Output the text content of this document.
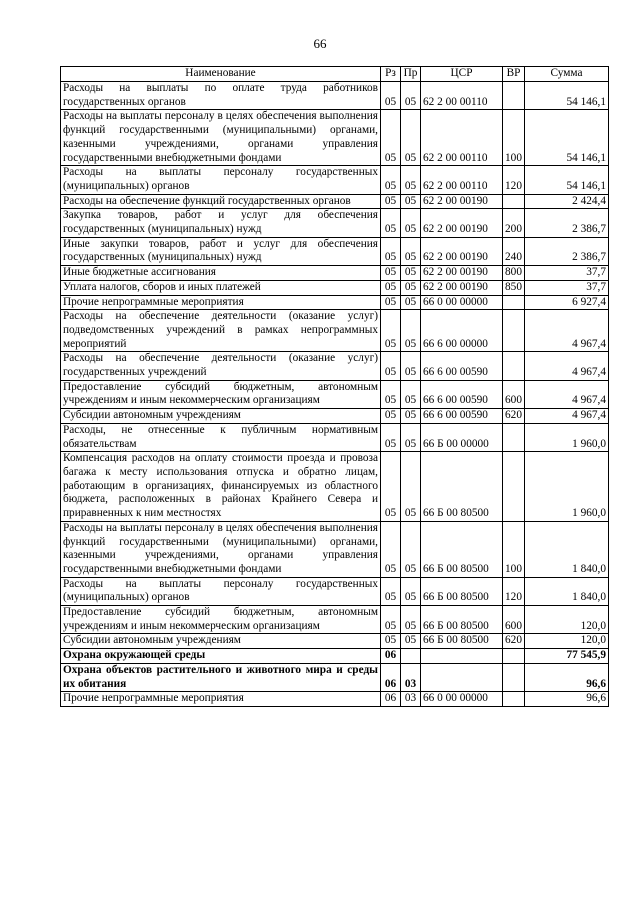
66
Наименование	Рз	Пр	ЦСР	ВР	Сумма
Расходы на выплаты по оплате труда работников государственных органов	05	05	62 2 00 00110		54 146,1
Расходы на выплаты персоналу в целях обеспечения выполнения функций государственными (муниципальными) органами, казенными учреждениями, органами управления государственными внебюджетными фондами	05	05	62 2 00 00110	100	54 146,1
Расходы на выплаты персоналу государственных (муниципальных) органов	05	05	62 2 00 00110	120	54 146,1
Расходы на обеспечение функций государственных органов	05	05	62 2 00 00190		2 424,4
Закупка товаров, работ и услуг для обеспечения государственных (муниципальных) нужд	05	05	62 2 00 00190	200	2 386,7
Иные закупки товаров, работ и услуг для обеспечения государственных (муниципальных) нужд	05	05	62 2 00 00190	240	2 386,7
Иные бюджетные ассигнования	05	05	62 2 00 00190	800	37,7
Уплата налогов, сборов и иных платежей	05	05	62 2 00 00190	850	37,7
Прочие непрограммные мероприятия	05	05	66 0 00 00000		6 927,4
Расходы на обеспечение деятельности (оказание услуг) подведомственных учреждений в рамках непрограммных мероприятий	05	05	66 6 00 00000		4 967,4
Расходы на обеспечение деятельности (оказание услуг) государственных учреждений	05	05	66 6 00 00590		4 967,4
Предоставление субсидий бюджетным, автономным учреждениям и иным некоммерческим организациям	05	05	66 6 00 00590	600	4 967,4
Субсидии автономным учреждениям	05	05	66 6 00 00590	620	4 967,4
Расходы, не отнесенные к публичным нормативным обязательствам	05	05	66 Б 00 00000		1 960,0
Компенсация расходов на оплату стоимости проезда и провоза багажа к месту использования отпуска и обратно лицам, работающим в организациях, финансируемых из областного бюджета, расположенных в районах Крайнего Севера и приравненных к ним местностях	05	05	66 Б 00 80500		1 960,0
Расходы на выплаты персоналу в целях обеспечения выполнения функций государственными (муниципальными) органами, казенными учреждениями, органами управления государственными внебюджетными фондами	05	05	66 Б 00 80500	100	1 840,0
Расходы на выплаты персоналу государственных (муниципальных) органов	05	05	66 Б 00 80500	120	1 840,0
Предоставление субсидий бюджетным, автономным учреждениям и иным некоммерческим организациям	05	05	66 Б 00 80500	600	120,0
Субсидии автономным учреждениям	05	05	66 Б 00 80500	620	120,0
Охрана окружающей среды	06				77 545,9
Охрана объектов растительного и животного мира и среды их обитания	06	03			96,6
Прочие непрограммные мероприятия	06	03	66 0 00 00000		96,6
